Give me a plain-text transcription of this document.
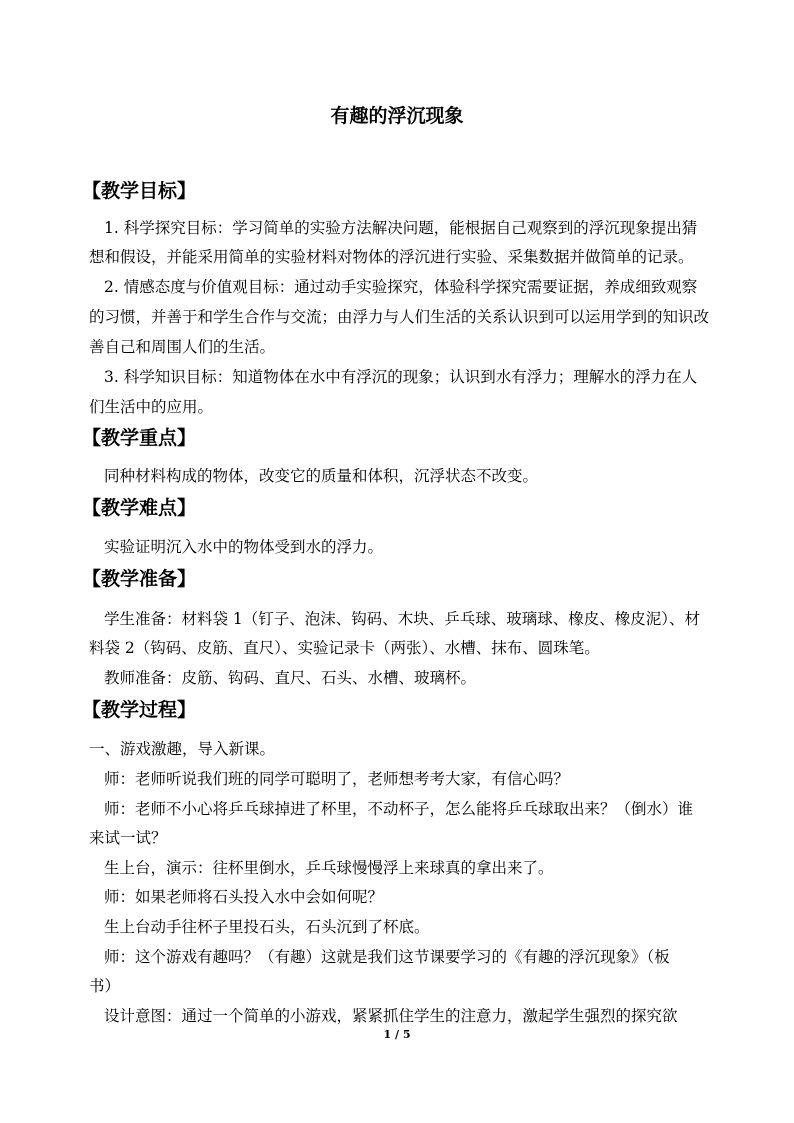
有趣的浮沉现象
【教学目标】
1. 科学探究目标：学习简单的实验方法解决问题，能根据自己观察到的浮沉现象提出猜
想和假设，并能采用简单的实验材料对物体的浮沉进行实验、采集数据并做简单的记录。
2. 情感态度与价值观目标：通过动手实验探究，体验科学探究需要证据，养成细致观察
的习惯，并善于和学生合作与交流；由浮力与人们生活的关系认识到可以运用学到的知识改
善自己和周围人们的生活。
3. 科学知识目标：知道物体在水中有浮沉的现象；认识到水有浮力；理解水的浮力在人
们生活中的应用。
【教学重点】
同种材料构成的物体，改变它的质量和体积，沉浮状态不改变。
【教学难点】
实验证明沉入水中的物体受到水的浮力。
【教学准备】
学生准备：材料袋 1（钉子、泡沫、钩码、木块、乒乓球、玻璃球、橡皮、橡皮泥）、材
料袋 2（钩码、皮筋、直尺）、实验记录卡（两张）、水槽、抹布、圆珠笔。
教师准备：皮筋、钩码、直尺、石头、水槽、玻璃杯。
【教学过程】
一、游戏激趣，导入新课。
师：老师听说我们班的同学可聪明了，老师想考考大家，有信心吗？
师：老师不小心将乒乓球掉进了杯里，不动杯子，怎么能将乒乓球取出来？（倒水）谁
来试一试？
生上台，演示：往杯里倒水，乒乓球慢慢浮上来球真的拿出来了。
师：如果老师将石头投入水中会如何呢？
生上台动手往杯子里投石头，石头沉到了杯底。
师：这个游戏有趣吗？（有趣）这就是我们这节课要学习的《有趣的浮沉现象》（板
书）
设计意图：通过一个简单的小游戏，紧紧抓住学生的注意力，激起学生强烈的探究欲
1 / 5
